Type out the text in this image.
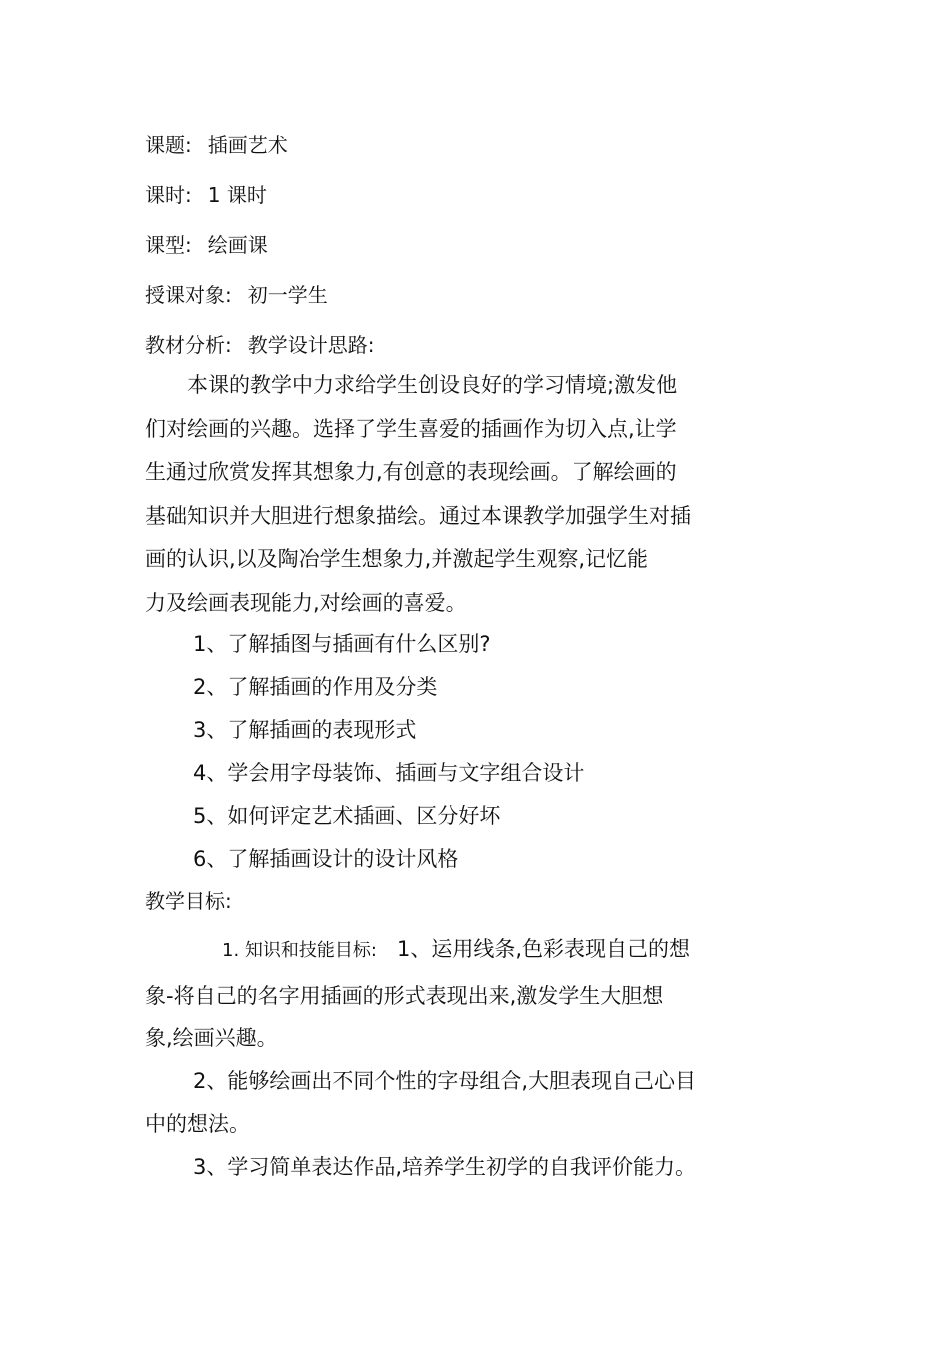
课题: 插画艺术
课时: 1 课时
课型: 绘画课
授课对象: 初一学生
教材分析: 教学设计思路:
本课的教学中力求给学生创设良好的学习情境;激发他
们对绘画的兴趣。选择了学生喜爱的插画作为切入点,让学
生通过欣赏发挥其想象力,有创意的表现绘画。了解绘画的
基础知识并大胆进行想象描绘。通过本课教学加强学生对插
画的认识,以及陶冶学生想象力,并激起学生观察,记忆能
力及绘画表现能力,对绘画的喜爱。
1、了解插图与插画有什么区别?
2、了解插画的作用及分类
3、了解插画的表现形式
4、学会用字母装饰、插画与文字组合设计
5、如何评定艺术插画、区分好坏
6、了解插画设计的设计风格
教学目标:
1. 知识和技能目标: 1、运用线条,色彩表现自己的想
象-将自己的名字用插画的形式表现出来,激发学生大胆想
象,绘画兴趣。
2、能够绘画出不同个性的字母组合,大胆表现自己心目
中的想法。
3、学习简单表达作品,培养学生初学的自我评价能力。
